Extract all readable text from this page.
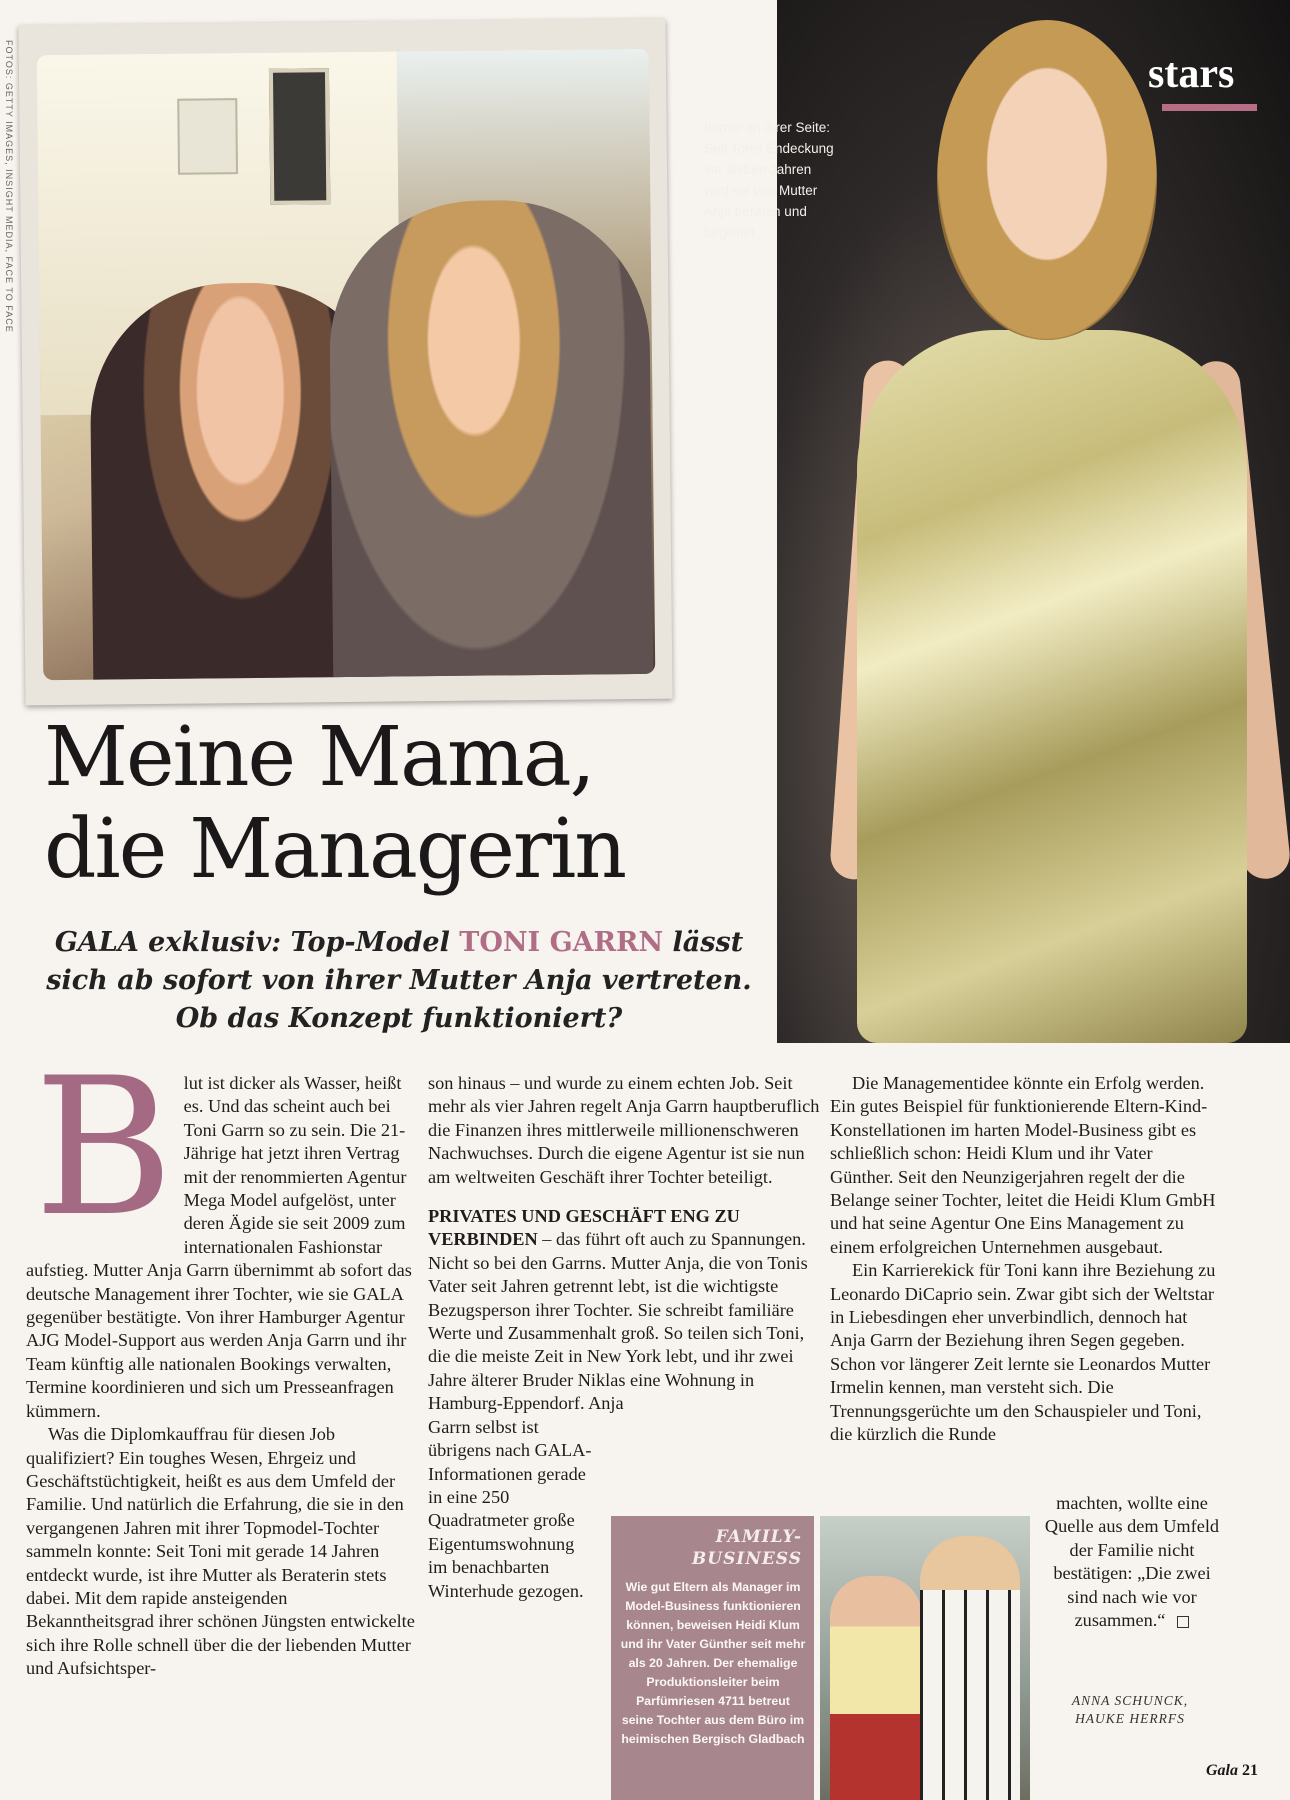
FOTOS: GETTY IMAGES, INSIGHT MEDIA, FACE TO FACE	stars
Immer an ihrer Seite: Seit Tonis Endeckung vor sieben Jahren wird sie von Mutter Anja beraten und begleitet
Meine Mama,
die Managerin

GALA exklusiv: Top-Model TONI GARRN lässt sich ab sofort von ihrer Mutter Anja vertreten. Ob das Konzept funktioniert?

B lut ist dicker als Wasser, heißt es. Und das scheint auch bei Toni Garrn so zu sein. Die 21-Jährige hat jetzt ihren Vertrag mit der renommierten Agentur Mega Model aufgelöst, unter deren Ägide sie seit 2009 zum internationalen Fashionstar aufstieg. Mutter Anja Garrn übernimmt ab sofort das deutsche Management ihrer Tochter, wie sie GALA gegenüber bestätigte. Von ihrer Hamburger Agentur AJG Model-Support aus werden Anja Garrn und ihr Team künftig alle nationalen Bookings verwalten, Termine koordinieren und sich um Presseanfragen kümmern.

Was die Diplomkauffrau für diesen Job qualifiziert? Ein toughes Wesen, Ehrgeiz und Geschäftstüchtigkeit, heißt es aus dem Umfeld der Familie. Und natürlich die Erfahrung, die sie in den vergangenen Jahren mit ihrer Topmodel-Tochter sammeln konnte: Seit Toni mit gerade 14 Jahren entdeckt wurde, ist ihre Mutter als Beraterin stets dabei. Mit dem rapide ansteigenden Bekanntheitsgrad ihrer schönen Jüngsten entwickelte sich ihre Rolle schnell über die der liebenden Mutter und Aufsichtsper-

son hinaus – und wurde zu einem echten Job. Seit mehr als vier Jahren regelt Anja Garrn hauptberuflich die Finanzen ihres mittlerweile millionenschweren Nachwuchses. Durch die eigene Agentur ist sie nun am weltweiten Geschäft ihrer Tochter beteiligt.

PRIVATES UND GESCHÄFT ENG ZU VERBINDEN – das führt oft auch zu Spannungen. Nicht so bei den Garrns. Mutter Anja, die von Tonis Vater seit Jahren getrennt lebt, ist die wichtigste Bezugsperson ihrer Tochter. Sie schreibt familiäre Werte und Zusammenhalt groß. So teilen sich Toni, die die meiste Zeit in New York lebt, und ihr zwei Jahre älterer Bruder Niklas eine Wohnung in Hamburg-Eppendorf. Anja

Garrn selbst ist übrigens nach GALA-Informationen gerade in eine 250 Quadratmeter große Eigentumswohnung im benachbarten Winterhude gezogen.

Die Managementidee könnte ein Erfolg werden. Ein gutes Beispiel für funktionierende Eltern-Kind-Konstellationen im harten Model-Business gibt es schließlich schon: Heidi Klum und ihr Vater Günther. Seit den Neunzigerjahren regelt der die Belange seiner Tochter, leitet die Heidi Klum GmbH und hat seine Agentur One Eins Management zu einem erfolgreichen Unternehmen ausgebaut.

Ein Karrierekick für Toni kann ihre Beziehung zu Leonardo DiCaprio sein. Zwar gibt sich der Weltstar in Liebesdingen eher unverbindlich, dennoch hat Anja Garrn der Beziehung ihren Segen gegeben. Schon vor längerer Zeit lernte sie Leonardos Mutter Irmelin kennen, man versteht sich. Die Trennungsgerüchte um den Schauspieler und Toni, die kürzlich die Runde

machten, wollte eine Quelle aus dem Umfeld der Familie nicht bestätigen: „Die zwei sind nach wie vor zusammen.“

ANNA SCHUNCK,
HAUKE HERRFS
FAMILY-
BUSINESS
Wie gut Eltern als Manager im Model-Business funktionieren können, beweisen Heidi Klum und ihr Vater Günther seit mehr als 20 Jahren. Der ehemalige Produktionsleiter beim Parfümriesen 4711 betreut seine Tochter aus dem Büro im heimischen Bergisch Gladbach
Gala 21
